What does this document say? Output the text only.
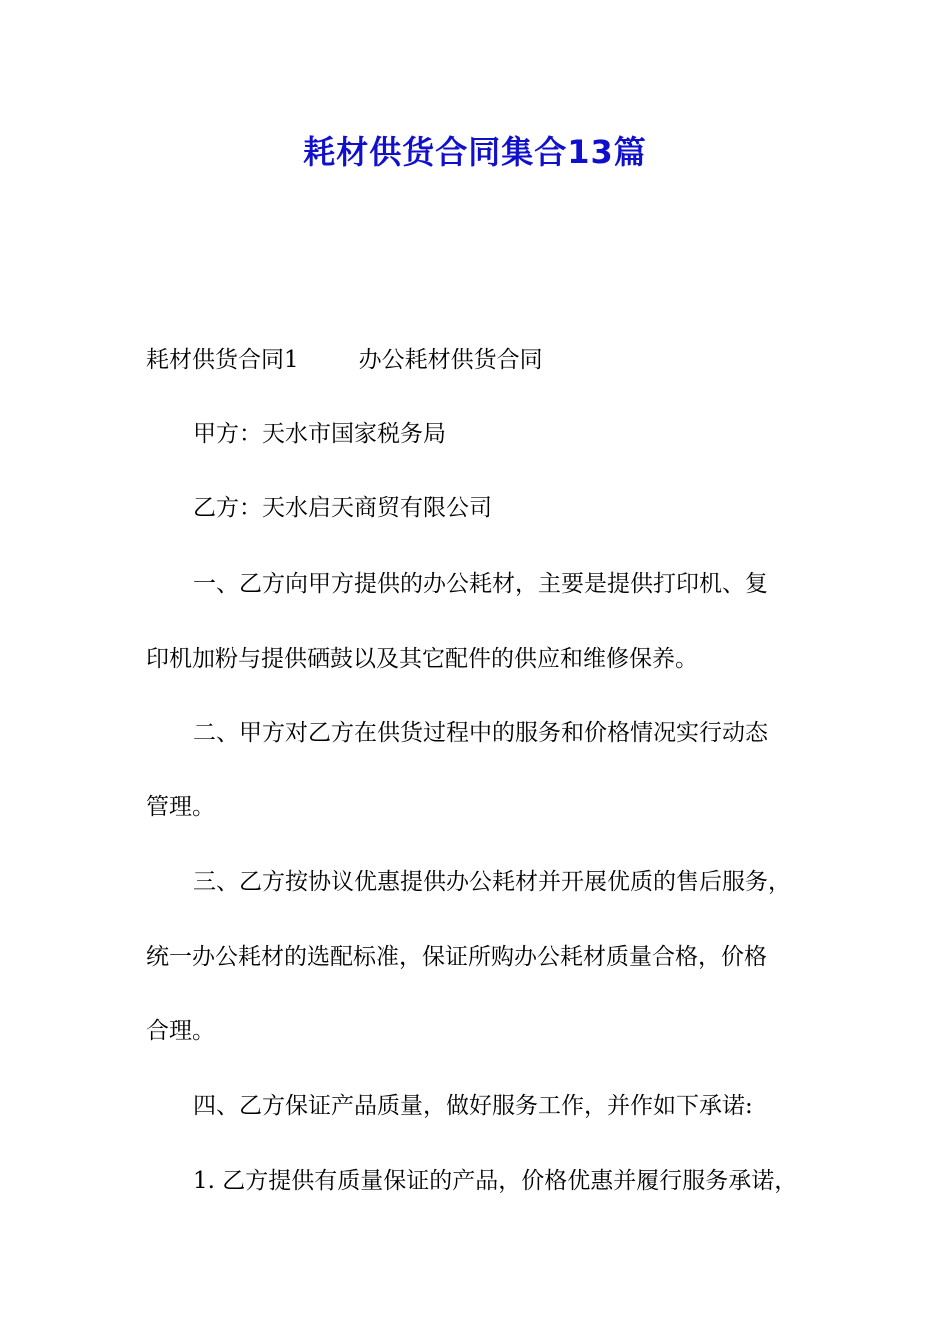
耗材供货合同集合13篇
耗材供货合同1	办公耗材供货合同
甲方：天水市国家税务局
乙方：天水启天商贸有限公司
一、乙方向甲方提供的办公耗材，主要是提供打印机、复
印机加粉与提供硒鼓以及其它配件的供应和维修保养。
二、甲方对乙方在供货过程中的服务和价格情况实行动态
管理。
三、乙方按协议优惠提供办公耗材并开展优质的售后服务，
统一办公耗材的选配标准，保证所购办公耗材质量合格，价格
合理。
四、乙方保证产品质量，做好服务工作，并作如下承诺:
1. 乙方提供有质量保证的产品，价格优惠并履行服务承诺，
